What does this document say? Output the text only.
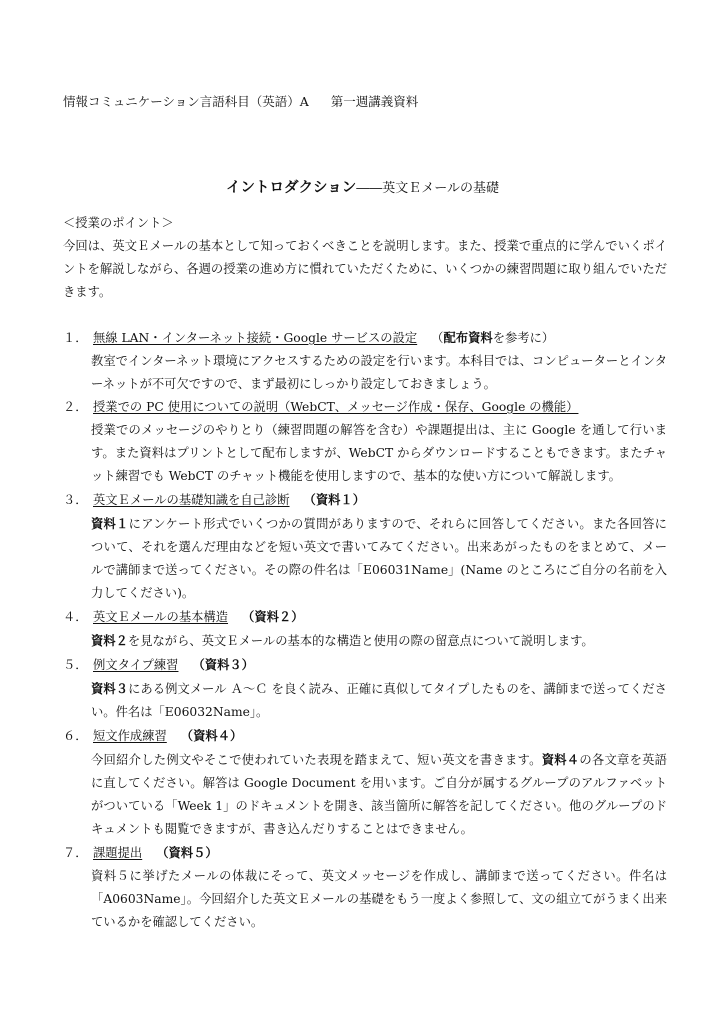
情報コミュニケーション言語科目（英語）A 第一週講義資料
イントロダクション――英文Ｅメールの基礎

＜授業のポイント＞

今回は、英文Ｅメールの基本として知っておくべきことを説明します。また、授業で重点的に学んでいくポイントを解説しながら、各週の授業の進め方に慣れていただくために、いくつかの練習問題に取り組んでいただきます。

１． 無線 LAN・インターネット接続・Google サービスの設定 （配布資料を参考に）

教室でインターネット環境にアクセスするための設定を行います。本科目では、コンピューターとインターネットが不可欠ですので、まず最初にしっかり設定しておきましょう。

２． 授業での PC 使用についての説明（WebCT、メッセージ作成・保存、Google の機能）

授業でのメッセージのやりとり（練習問題の解答を含む）や課題提出は、主に Google を通して行います。また資料はプリントとして配布しますが、WebCT からダウンロードすることもできます。またチャット練習でも WebCT のチャット機能を使用しますので、基本的な使い方について解説します。

３． 英文Ｅメールの基礎知識を自己診断 （資料１）

資料１にアンケート形式でいくつかの質問がありますので、それらに回答してください。また各回答について、それを選んだ理由などを短い英文で書いてみてください。出来あがったものをまとめて、メールで講師まで送ってください。その際の件名は「E06031Name」(Name のところにご自分の名前を入力してください)。

４． 英文Ｅメールの基本構造 （資料２）

資料２を見ながら、英文Ｅメールの基本的な構造と使用の際の留意点について説明します。

５． 例文タイプ練習 （資料３）

資料３にある例文メール Ａ～Ｃ を良く読み、正確に真似してタイプしたものを、講師まで送ってください。件名は「E06032Name」。

６． 短文作成練習 （資料４）

今回紹介した例文やそこで使われていた表現を踏まえて、短い英文を書きます。資料４の各文章を英語に直してください。解答は Google Document を用います。ご自分が属するグループのアルファベットがついている「Week 1」のドキュメントを開き、該当箇所に解答を記してください。他のグループのドキュメントも閲覧できますが、書き込んだりすることはできません。

７． 課題提出 （資料５）

資料５に挙げたメールの体裁にそって、英文メッセージを作成し、講師まで送ってください。件名は「A0603Name」。今回紹介した英文Ｅメールの基礎をもう一度よく参照して、文の組立てがうまく出来ているかを確認してください。
